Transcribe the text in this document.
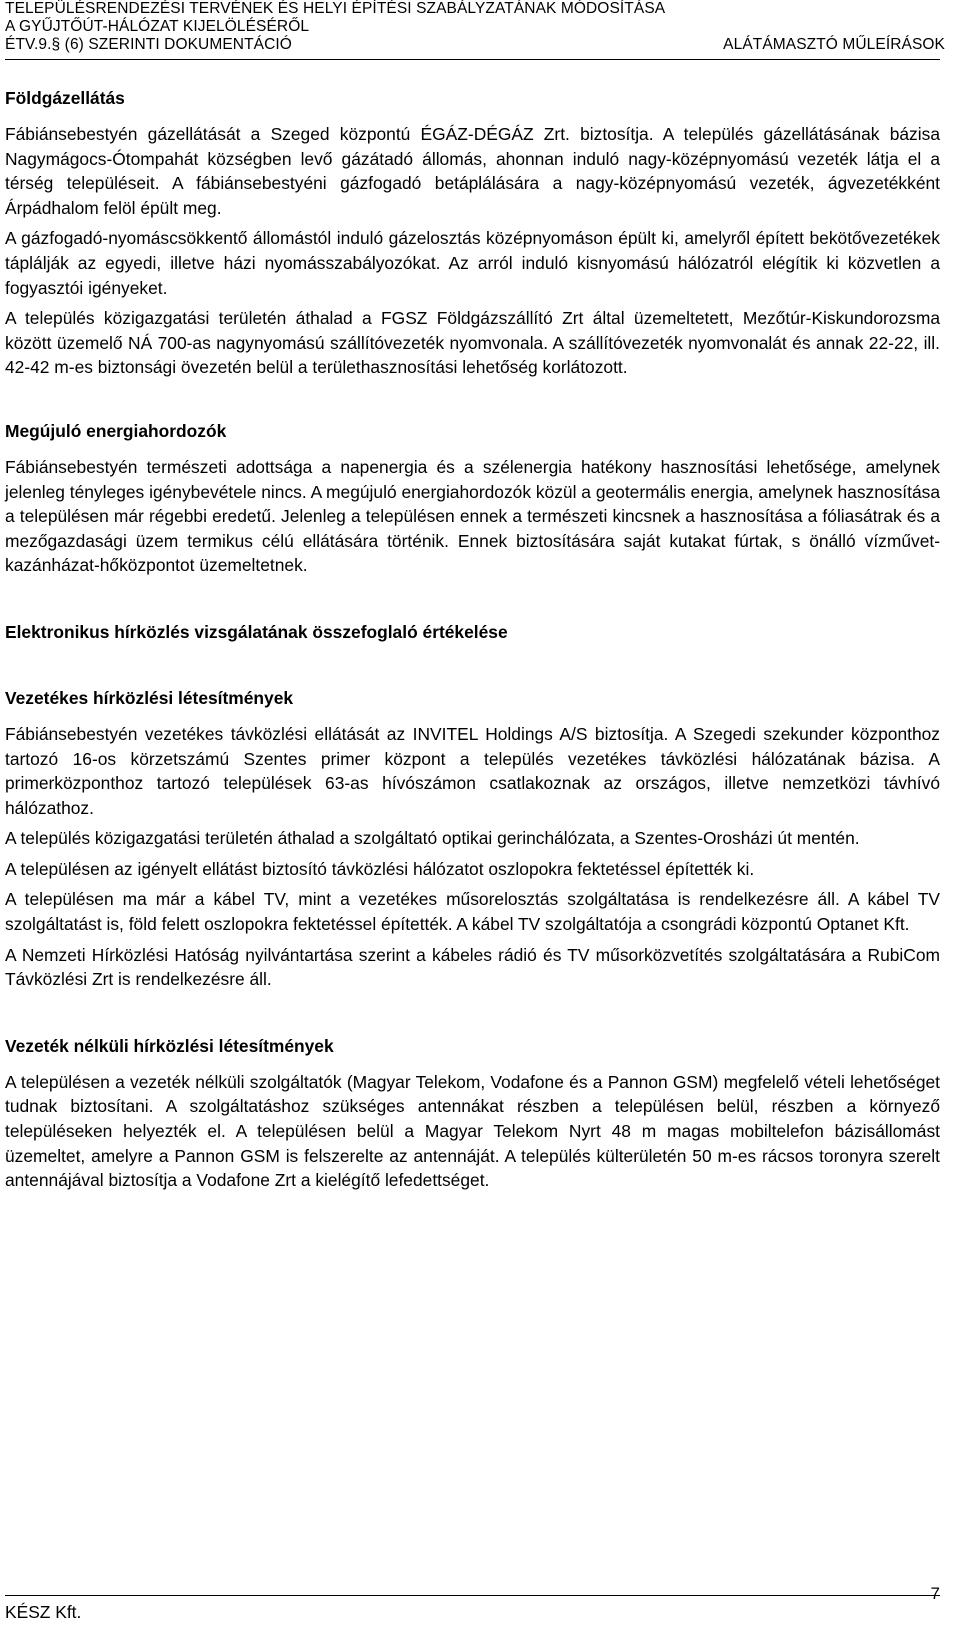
TELEPÜLÉSRENDEZÉSI TERVÉNEK ÉS HELYI ÉPÍTÉSI SZABÁLYZATÁNAK MÓDOSÍTÁSA
A GYŰJTŐÚT-HÁLÓZAT KIJELÖLÉSÉRŐL
ÉTV.9.§ (6) SZERINTI DOKUMENTÁCIÓ	ALÁTÁMASZTÓ MŰLEÍRÁSOK
Földgázellátás

Fábiánsebestyén gázellátását a Szeged központú ÉGÁZ-DÉGÁZ Zrt. biztosítja. A település gázellátásának bázisa Nagymágocs-Ótompahát községben levő gázátadó állomás, ahonnan induló nagy-középnyomású vezeték látja el a térség településeit. A fábiánsebestyéni gázfogadó betáplálására a nagy-középnyomású vezeték, ágvezetékként Árpádhalom felöl épült meg.

A gázfogadó-nyomáscsökkentő állomástól induló gázelosztás középnyomáson épült ki, amelyről épített bekötővezetékek táplálják az egyedi, illetve házi nyomásszabályozókat. Az arról induló kisnyomású hálózatról elégítik ki közvetlen a fogyasztói igényeket.

A település közigazgatási területén áthalad a FGSZ Földgázszállító Zrt által üzemeltetett, Mezőtúr-Kiskundorozsma között üzemelő NÁ 700-as nagynyomású szállítóvezeték nyomvonala. A szállítóvezeték nyomvonalát és annak 22-22, ill. 42-42 m-es biztonsági övezetén belül a területhasznosítási lehetőség korlátozott.

Megújuló energiahordozók

Fábiánsebestyén természeti adottsága a napenergia és a szélenergia hatékony hasznosítási lehetősége, amelynek jelenleg tényleges igénybevétele nincs. A megújuló energiahordozók közül a geotermális energia, amelynek hasznosítása a településen már régebbi eredetű. Jelenleg a településen ennek a természeti kincsnek a hasznosítása a fóliasátrak és a mezőgazdasági üzem termikus célú ellátására történik. Ennek biztosítására saját kutakat fúrtak, s önálló vízművet-kazánházat-hőközpontot üzemeltetnek.

Elektronikus hírközlés vizsgálatának összefoglaló értékelése
Vezetékes hírközlési létesítmények

Fábiánsebestyén vezetékes távközlési ellátását az INVITEL Holdings A/S biztosítja. A Szegedi szekunder központhoz tartozó 16-os körzetszámú Szentes primer központ a település vezetékes távközlési hálózatának bázisa. A primerközponthoz tartozó települések 63-as hívószámon csatlakoznak az országos, illetve nemzetközi távhívó hálózathoz.

A település közigazgatási területén áthalad a szolgáltató optikai gerinchálózata, a Szentes-Orosházi út mentén.

A településen az igényelt ellátást biztosító távközlési hálózatot oszlopokra fektetéssel építették ki.

A településen ma már a kábel TV, mint a vezetékes műsorelosztás szolgáltatása is rendelkezésre áll. A kábel TV szolgáltatást is, föld felett oszlopokra fektetéssel építették. A kábel TV szolgáltatója a csongrádi központú Optanet Kft.

A Nemzeti Hírközlési Hatóság nyilvántartása szerint a kábeles rádió és TV műsorközvetítés szolgáltatására a RubiCom Távközlési Zrt is rendelkezésre áll.

Vezeték nélküli hírközlési létesítmények

A településen a vezeték nélküli szolgáltatók (Magyar Telekom, Vodafone és a Pannon GSM) megfelelő vételi lehetőséget tudnak biztosítani. A szolgáltatáshoz szükséges antennákat részben a településen belül, részben a környező településeken helyezték el. A településen belül a Magyar Telekom Nyrt 48 m magas mobiltelefon bázisállomást üzemeltet, amelyre a Pannon GSM is felszerelte az antennáját. A település külterületén 50 m-es rácsos toronyra szerelt antennájával biztosítja a Vodafone Zrt a kielégítő lefedettséget.

KÉSZ Kft.
7
